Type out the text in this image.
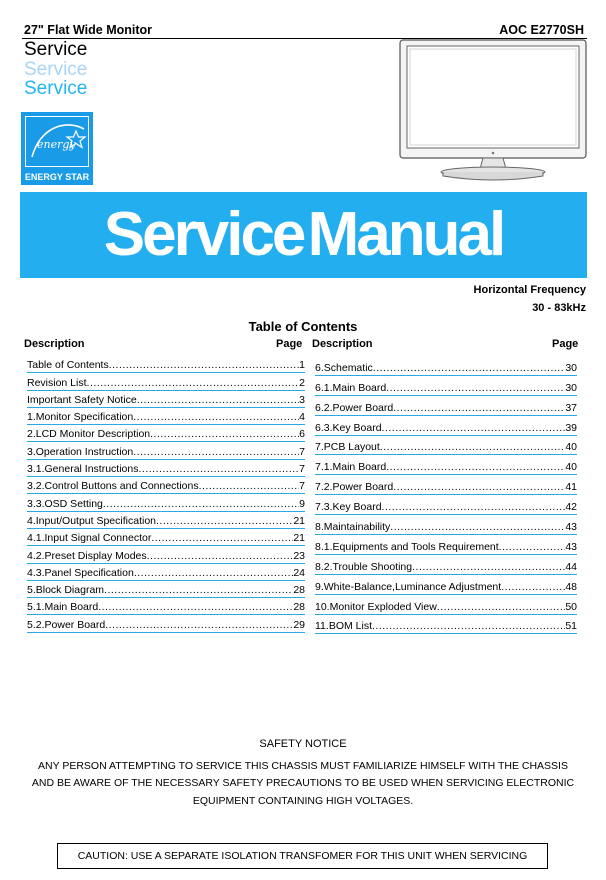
27" Flat Wide Monitor	AOC E2770SH
Service
Service
Service
energy
ENERGY STAR
Service Manual
Horizontal Frequency
30 - 83kHz
Table of Contents
Description	Page Description	Page
Table of Contents .....	1
Revision List .....	2
Important Safety Notice .....	3
1.Monitor Specification .....	4
2.LCD Monitor Description .....	6
3.Operation Instruction .....	7
3.1.General Instructions .....	7
3.2.Control Buttons and Connections .....	7
3.3.OSD Setting .....	9
4.Input/Output Specification .....	21
4.1.Input Signal Connector .....	21
4.2.Preset Display Modes .....	23
4.3.Panel Specification .....	24
5.Block Diagram .....	28
5.1.Main Board .....	28
5.2.Power Board .....	29
6.Schematic .....	30
6.1.Main Board .....	30
6.2.Power Board .....	37
6.3.Key Board .....	39
7.PCB Layout .....	40
7.1.Main Board .....	40
7.2.Power Board .....	41
7.3.Key Board .....	42
8.Maintainability .....	43
8.1.Equipments and Tools Requirement .....	43
8.2.Trouble Shooting .....	44
9.White-Balance,Luminance Adjustment .....	48
10.Monitor Exploded View .....	50
11.BOM List .....	51
SAFETY NOTICE
ANY PERSON ATTEMPTING TO SERVICE THIS CHASSIS MUST FAMILIARIZE HIMSELF WITH THE CHASSIS
AND BE AWARE OF THE NECESSARY SAFETY PRECAUTIONS TO BE USED WHEN SERVICING ELECTRONIC
EQUIPMENT CONTAINING HIGH VOLTAGES.
CAUTION: USE A SEPARATE ISOLATION TRANSFOMER FOR THIS UNIT WHEN SERVICING
